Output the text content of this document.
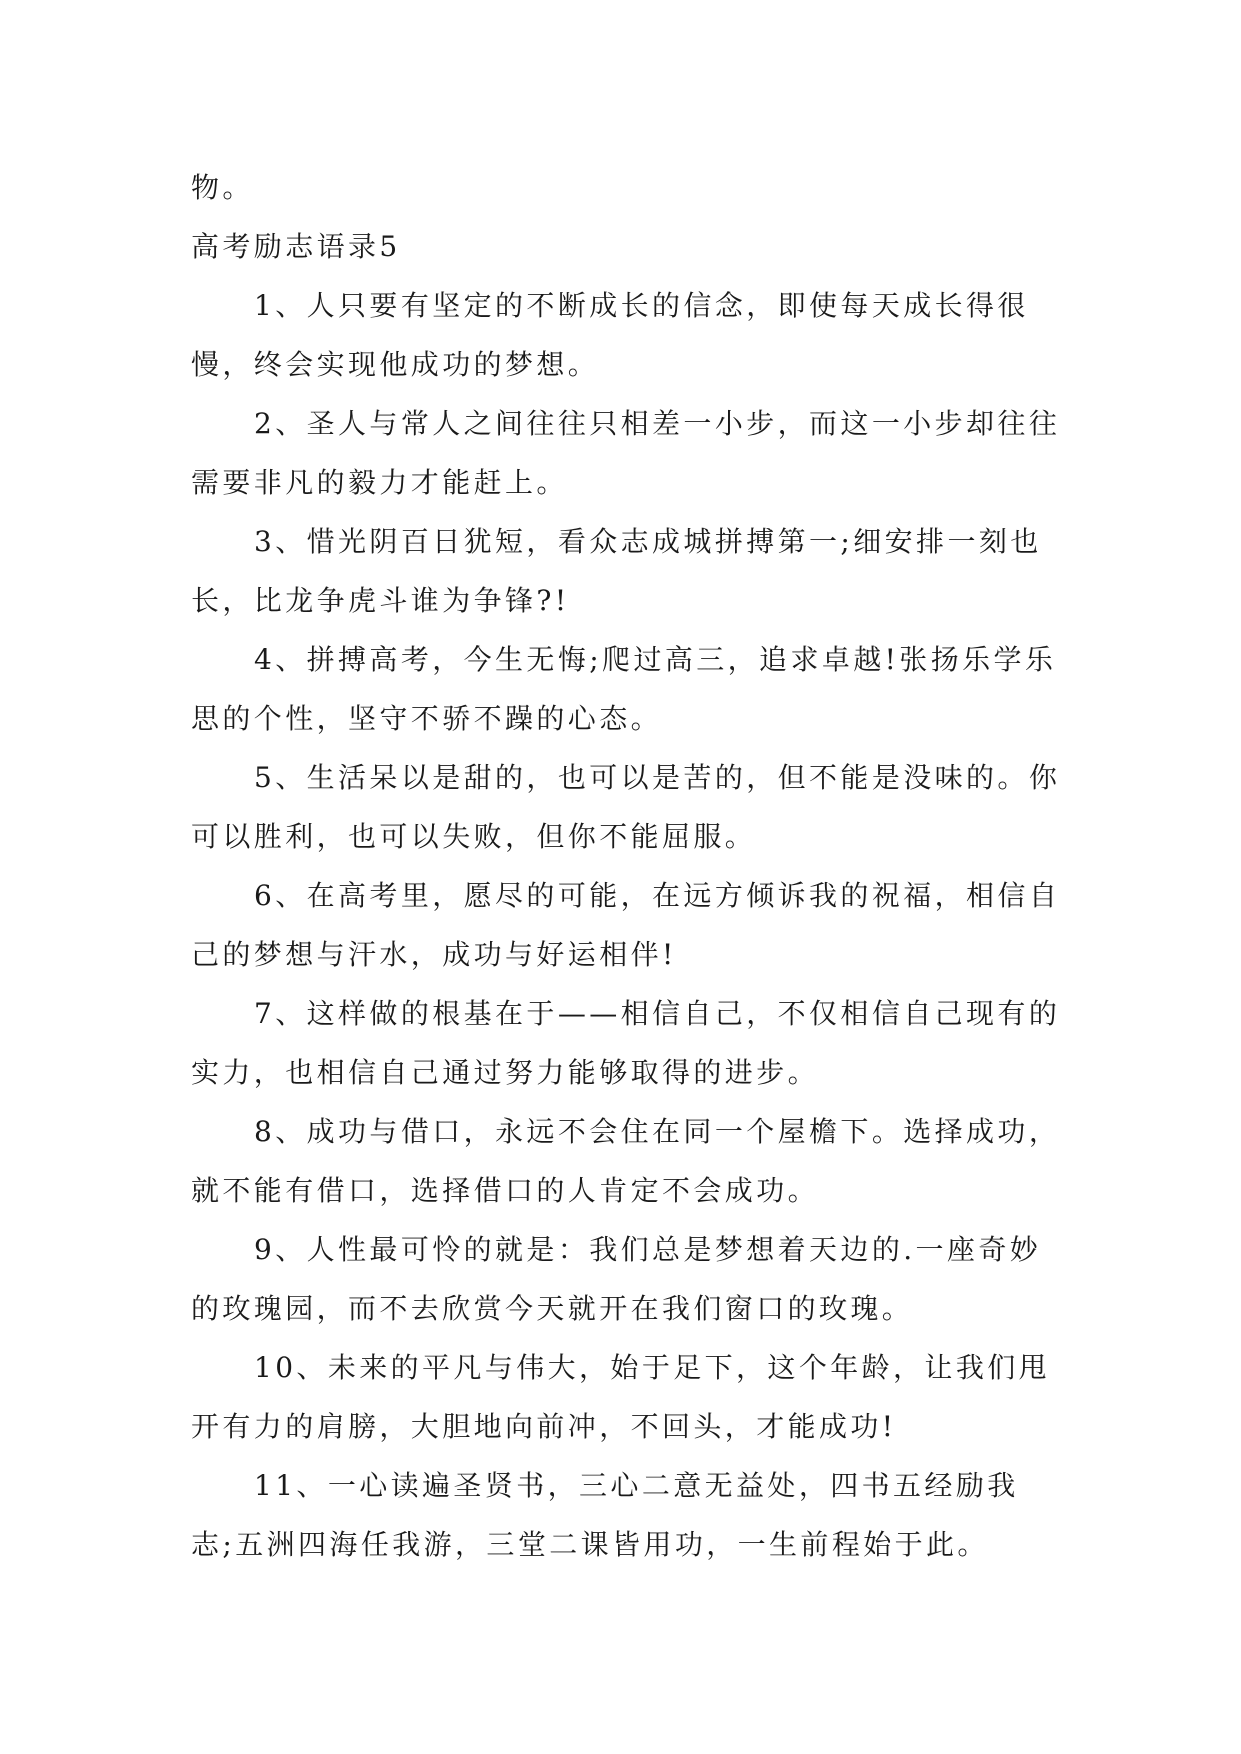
物。
高考励志语录5

1、人只要有坚定的不断成长的信念，即使每天成长得很慢，终会实现他成功的梦想。

2、圣人与常人之间往往只相差一小步，而这一小步却往往需要非凡的毅力才能赶上。

3、惜光阴百日犹短，看众志成城拼搏第一;细安排一刻也长，比龙争虎斗谁为争锋?!

4、拼搏高考，今生无悔;爬过高三，追求卓越!张扬乐学乐思的个性，坚守不骄不躁的心态。

5、生活呆以是甜的，也可以是苦的，但不能是没味的。你可以胜利，也可以失败，但你不能屈服。

6、在高考里，愿尽的可能，在远方倾诉我的祝福，相信自己的梦想与汗水，成功与好运相伴!

7、这样做的根基在于——相信自己，不仅相信自己现有的实力，也相信自己通过努力能够取得的进步。

8、成功与借口，永远不会住在同一个屋檐下。选择成功，就不能有借口，选择借口的人肯定不会成功。

9、人性最可怜的就是：我们总是梦想着天边的.一座奇妙的玫瑰园，而不去欣赏今天就开在我们窗口的玫瑰。

10、未来的平凡与伟大，始于足下，这个年龄，让我们甩开有力的肩膀，大胆地向前冲，不回头，才能成功!

11、一心读遍圣贤书，三心二意无益处，四书五经励我志;五洲四海任我游，三堂二课皆用功，一生前程始于此。
